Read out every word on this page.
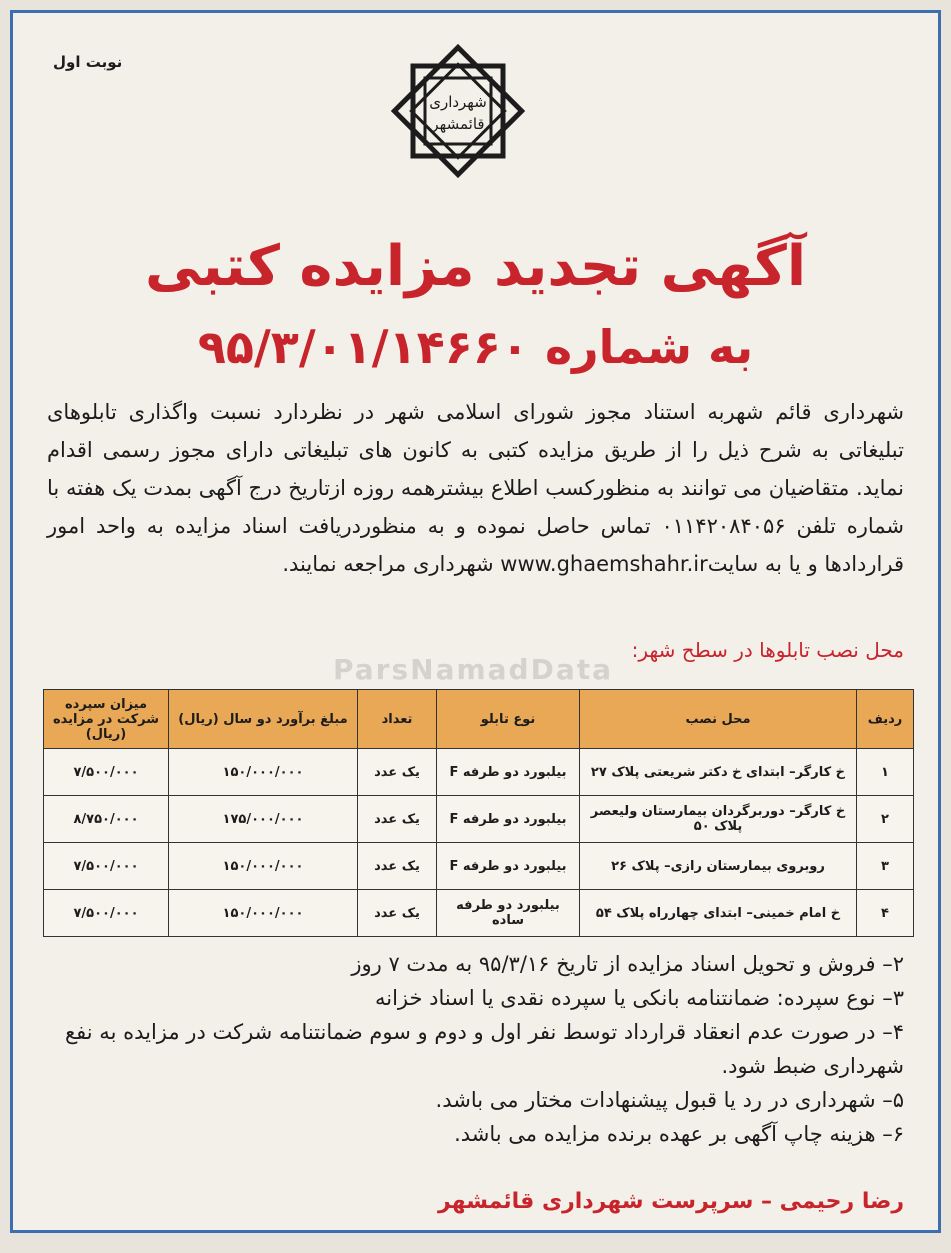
نوبت اول
شهرداری
قائمشهر
آگهی تجدید مزایده کتبی
به شماره ۹۵/۳/۰۱/۱۴۶۶۰
شهرداری قائم شهربه استناد مجوز شورای اسلامی شهر در نظردارد نسبت واگذاری تابلوهای تبلیغاتی به شرح ذیل را از طریق مزایده کتبی به کانون های تبلیغاتی دارای مجوز رسمی اقدام نماید. متقاضیان می توانند به منظورکسب اطلاع بیشترهمه روزه ازتاریخ درج آگهی بمدت یک هفته با شماره تلفن ۰۱۱۴۲۰۸۴۰۵۶ تماس حاصل نموده و به منظوردریافت اسناد مزایده به واحد امور قراردادها و یا به سایتwww.ghaemshahr.ir شهرداری مراجعه نمایند.
محل نصب تابلوها در سطح شهر:
ParsNamadData
ردیف	محل نصب	نوع تابلو	تعداد	مبلغ برآورد دو سال (ریال)	میزان سپرده شرکت در مزایده (ریال)
۱	خ کارگر– ابتدای خ دکتر شریعتی پلاک ۲۷	بیلبورد دو طرفه F	یک عدد	۱۵۰/۰۰۰/۰۰۰	۷/۵۰۰/۰۰۰
۲	خ کارگر– دوربرگردان بیمارستان ولیعصر پلاک ۵۰	بیلبورد دو طرفه F	یک عدد	۱۷۵/۰۰۰/۰۰۰	۸/۷۵۰/۰۰۰
۳	روبروی بیمارستان رازی– پلاک ۲۶	بیلبورد دو طرفه F	یک عدد	۱۵۰/۰۰۰/۰۰۰	۷/۵۰۰/۰۰۰
۴	خ امام خمینی– ابتدای چهارراه پلاک ۵۴	بیلبورد دو طرفه ساده	یک عدد	۱۵۰/۰۰۰/۰۰۰	۷/۵۰۰/۰۰۰

۲– فروش و تحویل اسناد مزایده از تاریخ ۹۵/۳/۱۶ به مدت ۷ روز

۳– نوع سپرده: ضمانتنامه بانکی یا سپرده نقدی یا اسناد خزانه

۴– در صورت عدم انعقاد قرارداد توسط نفر اول و دوم و سوم ضمانتنامه شرکت در مزایده به نفع شهرداری ضبط شود.

۵– شهرداری در رد یا قبول پیشنهادات مختار می باشد.

۶– هزینه چاپ آگهی بر عهده برنده مزایده می باشد.

رضا رحیمی – سرپرست شهرداری قائمشهر
